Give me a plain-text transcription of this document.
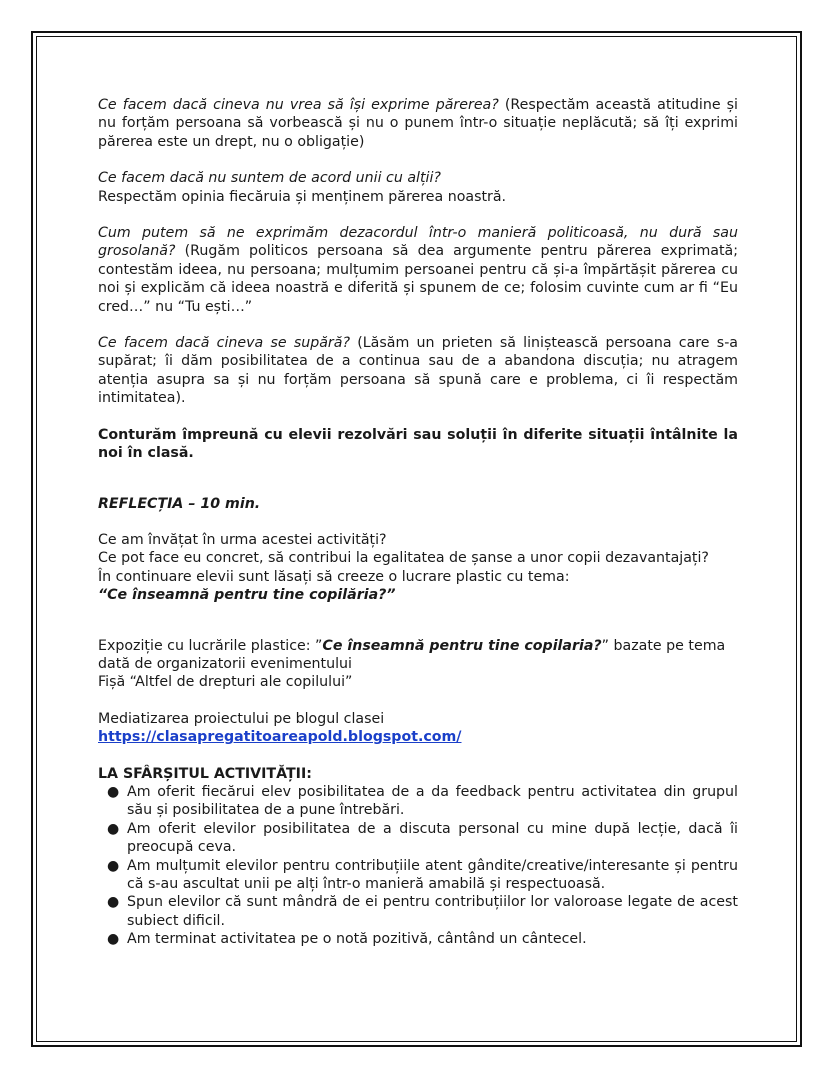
Ce facem dacă cineva nu vrea să își exprime părerea? (Respectăm această atitudine și nu forțăm persoana să vorbească și nu o punem într-o situație neplăcută; să îți exprimi părerea este un drept, nu o obligație)

Ce facem dacă nu suntem de acord unii cu alții?

Respectăm opinia fiecăruia și menținem părerea noastră.

Cum putem să ne exprimăm dezacordul într-o manieră politicoasă, nu dură sau grosolană? (Rugăm politicos persoana să dea argumente pentru părerea exprimată; contestăm ideea, nu persoana; mulțumim persoanei pentru că și-a împărtășit părerea cu noi și explicăm că ideea noastră e diferită și spunem de ce; folosim cuvinte cum ar fi “Eu cred…” nu “Tu ești…”

Ce facem dacă cineva se supără? (Lăsăm un prieten să liniștească persoana care s-a supărat; îi dăm posibilitatea de a continua sau de a abandona discuția; nu atragem atenția asupra sa și nu forțăm persoana să spună care e problema, ci îi respectăm intimitatea).

Conturăm împreună cu elevii rezolvări sau soluții în diferite situații întâlnite la noi în clasă.

REFLECȚIA – 10 min.

Ce am învățat în urma acestei activități?

Ce pot face eu concret, să contribui la egalitatea de șanse a unor copii dezavantajați?

În continuare elevii sunt lăsați să creeze o lucrare plastic cu tema:

“Ce înseamnă pentru tine copilăria?”

Expoziție cu lucrările plastice: ”Ce înseamnă pentru tine copilaria?” bazate pe tema dată de organizatorii evenimentului

Fișă “Altfel de drepturi ale copilului”

Mediatizarea proiectului pe blogul clasei

https://clasapregatitoareapold.blogspot.com/

LA SFÂRȘITUL ACTIVITĂȚII:

● Am oferit fiecărui elev posibilitatea de a da feedback pentru activitatea din grupul său și posibilitatea de a pune întrebări.
● Am oferit elevilor posibilitatea de a discuta personal cu mine după lecție, dacă îi preocupă ceva.
● Am mulțumit elevilor pentru contribuțiile atent gândite/creative/interesante și pentru că s-au ascultat unii pe alți într-o manieră amabilă și respectuoasă.
● Spun elevilor că sunt mândră de ei pentru contribuțiilor lor valoroase legate de acest subiect dificil.
● Am terminat activitatea pe o notă pozitivă, cântând un cântecel.
